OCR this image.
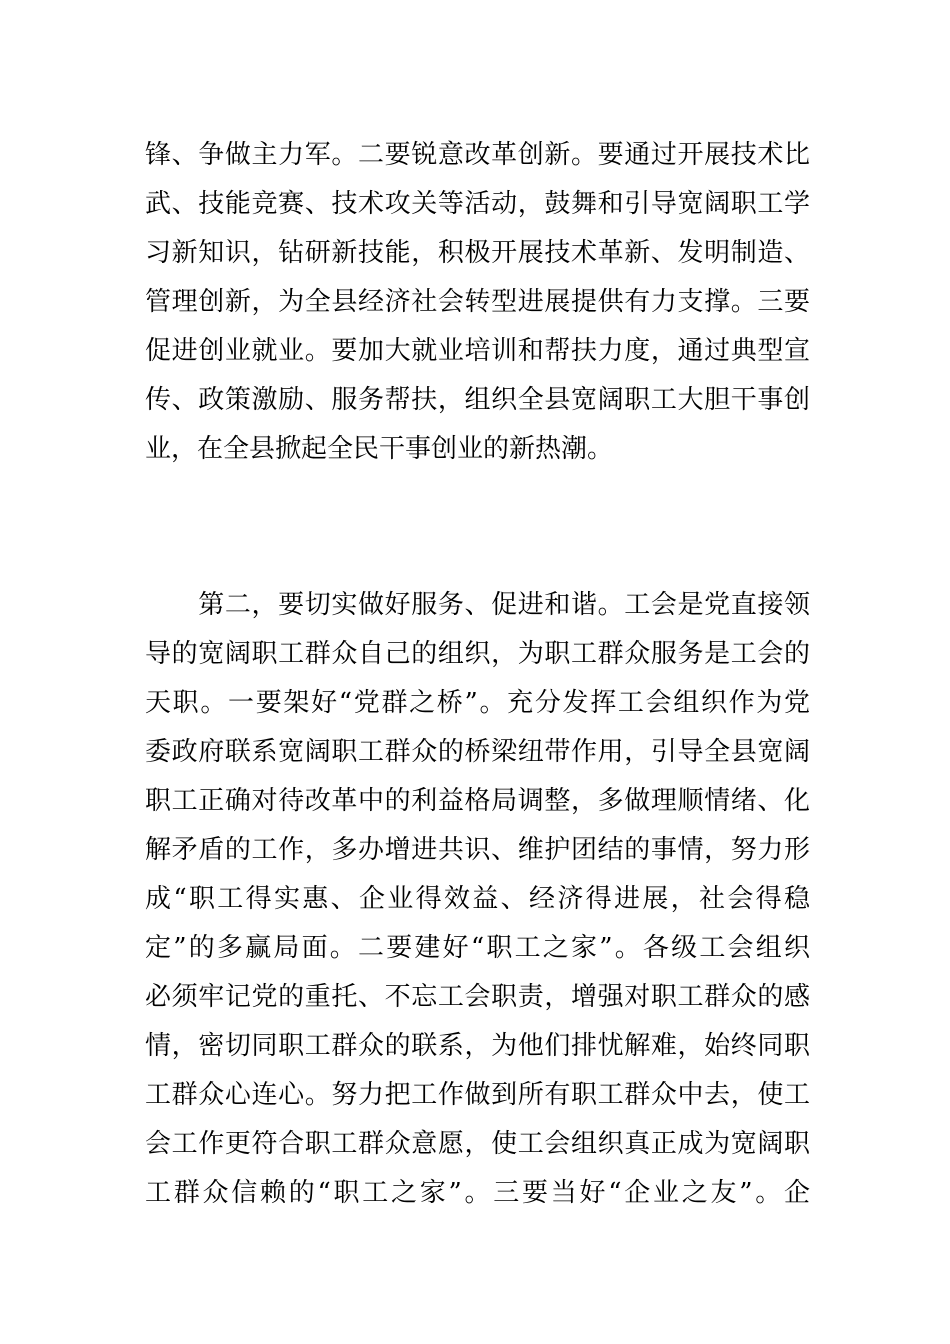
锋、争做主力军。二要锐意改革创新。要通过开展技术比
武、技能竞赛、技术攻关等活动，鼓舞和引导宽阔职工学
习新知识，钻研新技能，积极开展技术革新、发明制造、
管理创新，为全县经济社会转型进展提供有力支撑。三要
促进创业就业。要加大就业培训和帮扶力度，通过典型宣
传、政策激励、服务帮扶，组织全县宽阔职工大胆干事创
业，在全县掀起全民干事创业的新热潮。
　　第二，要切实做好服务、促进和谐。工会是党直接领
导的宽阔职工群众自己的组织，为职工群众服务是工会的
天职。一要架好“党群之桥”。充分发挥工会组织作为党
委政府联系宽阔职工群众的桥梁纽带作用，引导全县宽阔
职工正确对待改革中的利益格局调整，多做理顺情绪、化
解矛盾的工作，多办增进共识、维护团结的事情，努力形
成“职工得实惠、企业得效益、经济得进展，社会得稳
定”的多赢局面。二要建好“职工之家”。各级工会组织
必须牢记党的重托、不忘工会职责，增强对职工群众的感
情，密切同职工群众的联系，为他们排忧解难，始终同职
工群众心连心。努力把工作做到所有职工群众中去，使工
会工作更符合职工群众意愿，使工会组织真正成为宽阔职
工群众信赖的“职工之家”。三要当好“企业之友”。企
